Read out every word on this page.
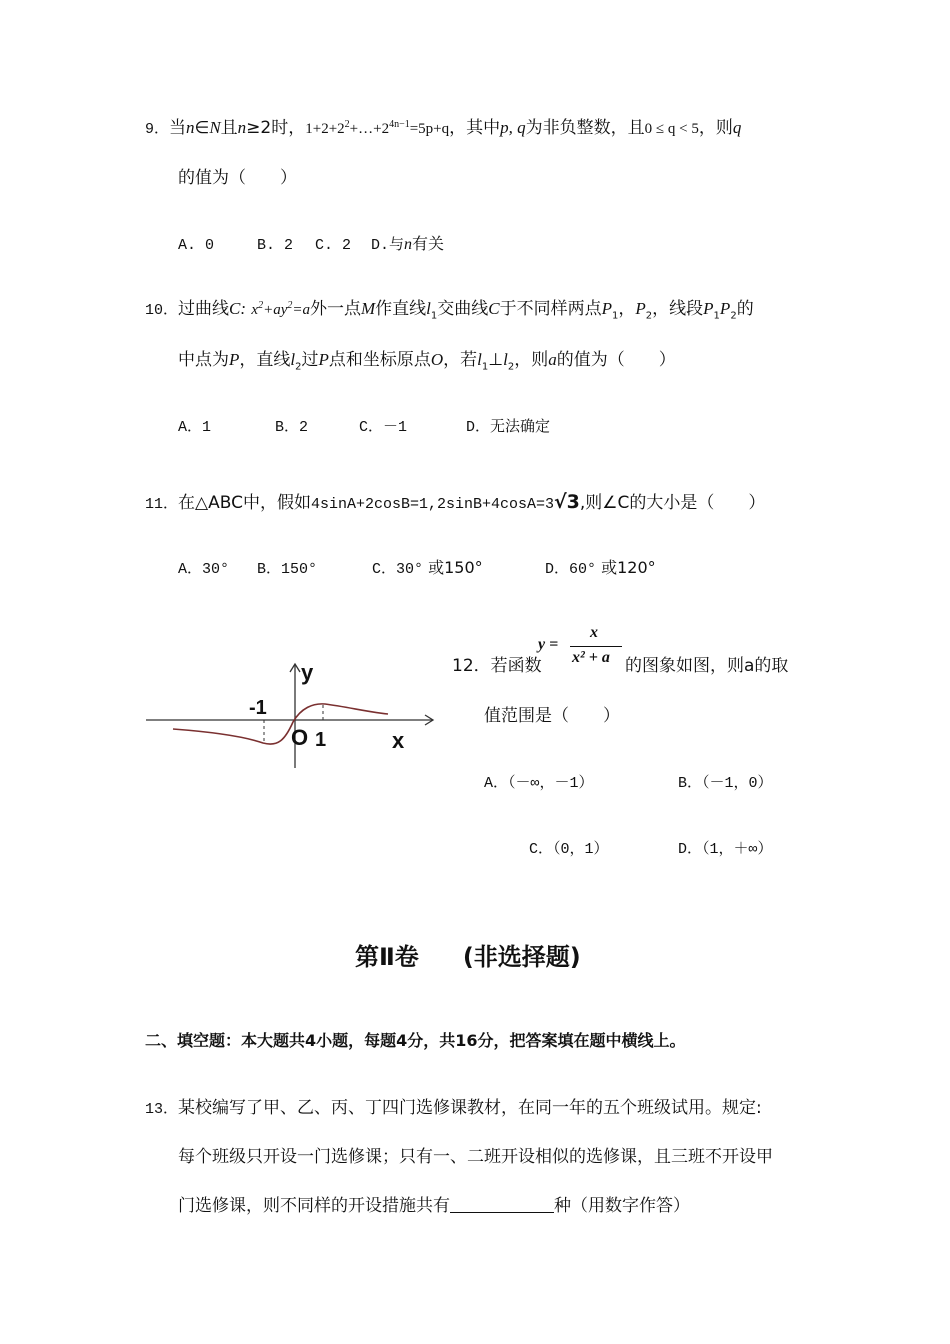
9．当n∈N且n≥2时，$1+2+2^2+\dots+2^{4n-1}=5p+q$，其中p, q为非负整数，且0 ≤ q < 5，则q
的值为（　　）
A. 0	B. 2 C. 2 D.与n有关
10．过曲线C: $x^2+ay^2=a$外一点M作直线$l_1$交曲线C于不同样两点$P_1$，$P_2$，线段$P_1P_2$的
中点为P，直线$l_2$过P点和坐标原点O，若$l_1\perp l_2$，则a的值为（　　）
A．1	B．2	C．－1	D．无法确定
11．在△ABC中，假如4sinA+2cosB=1,2sinB+4cosA=3√3,则∠C的大小是（　　）
A．30° B．150°	C．30° 或150°	D．60° 或120°
y
x
O
-1
1
y =
x
x² + a
12．若函数	的图象如图，则a的取
值范围是（　　）
A．（－∞，－1）	B．（－1，0）
C．（0，1）	D．（1，＋∞）
第Ⅱ卷 (非选择题)
二、填空题：本大题共4小题，每题4分，共16分，把答案填在题中横线上。
13．某校编写了甲、乙、丙、丁四门选修课教材，在同一年的五个班级试用。规定:
每个班级只开设一门选修课；只有一、二班开设相似的选修课，且三班不开设甲
门选修课，则不同样的开设措施共有	种（用数字作答）
